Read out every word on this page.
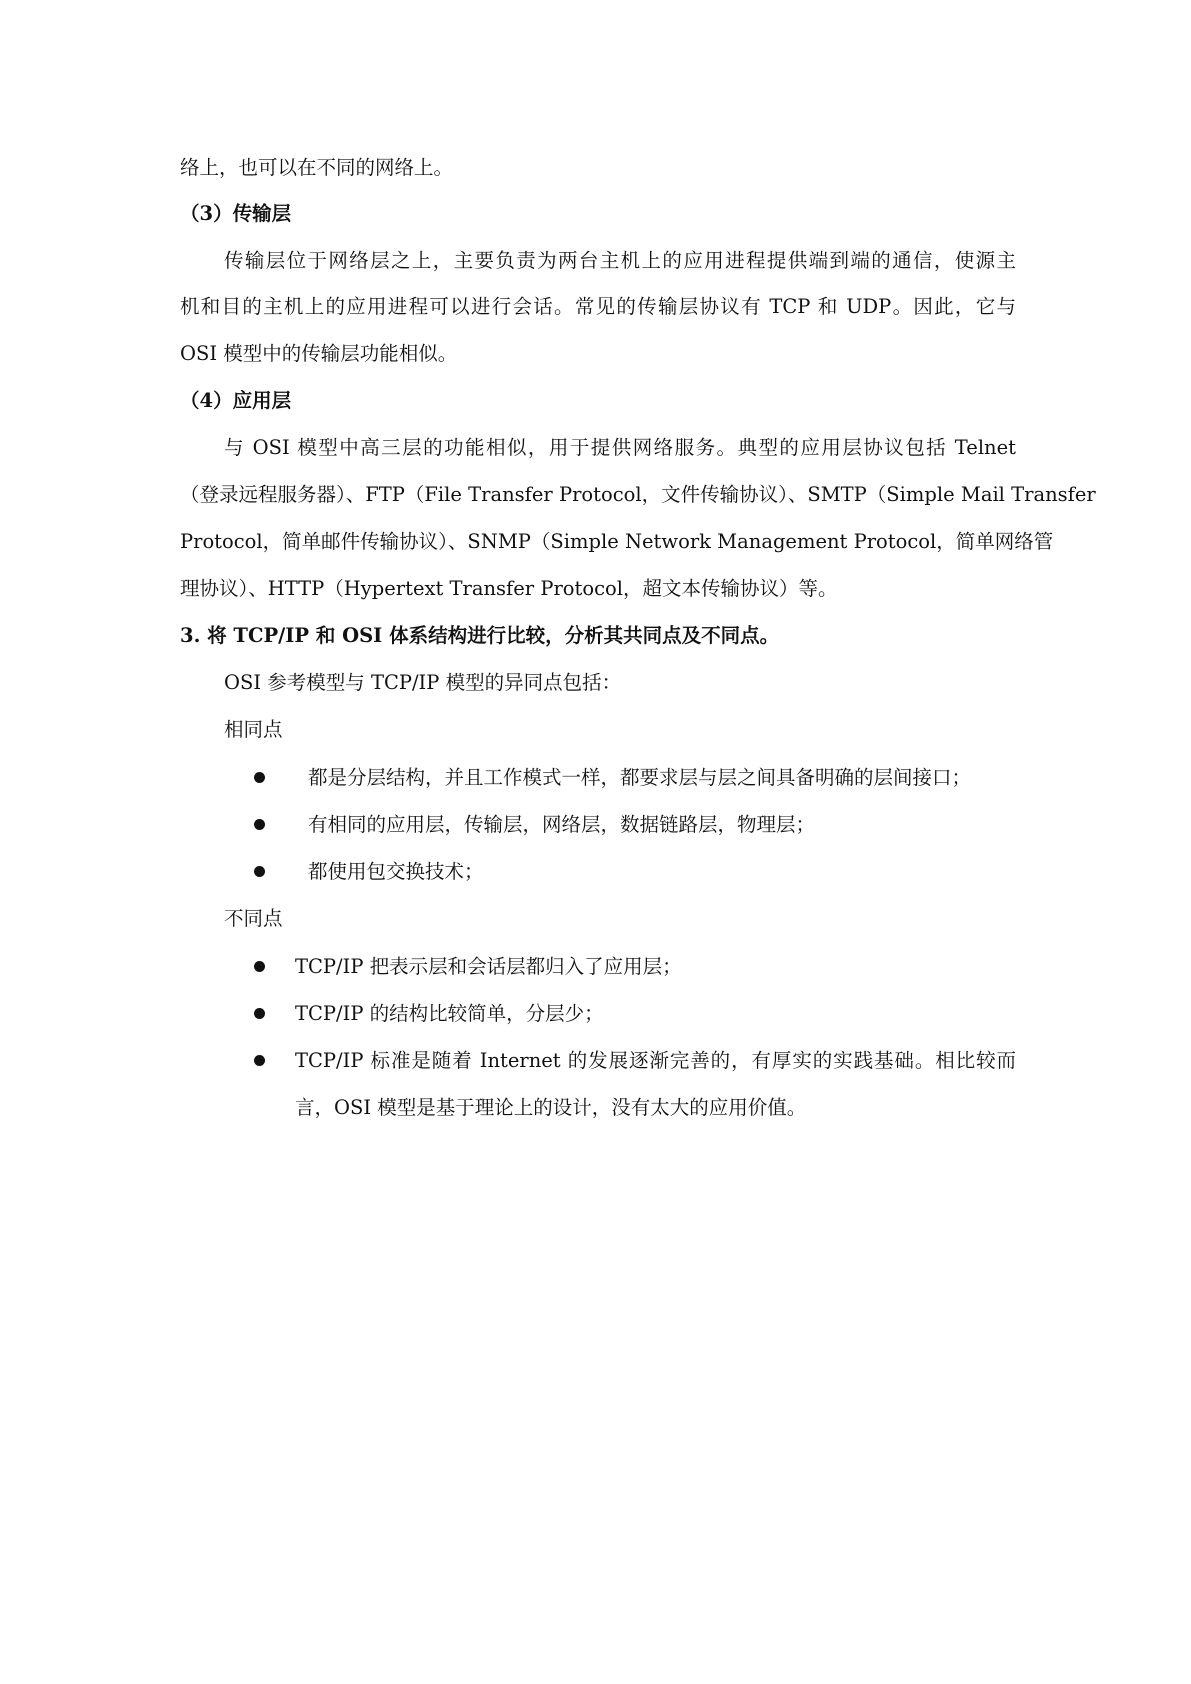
络上，也可以在不同的网络上。
（3）传输层
传输层位于网络层之上，主要负责为两台主机上的应用进程提供端到端的通信，使源主
机和目的主机上的应用进程可以进行会话。常见的传输层协议有 TCP 和 UDP。因此，它与
OSI 模型中的传输层功能相似。
（4）应用层
与 OSI 模型中高三层的功能相似，用于提供网络服务。典型的应用层协议包括 Telnet
（登录远程服务器）、FTP（File Transfer Protocol，文件传输协议）、SMTP（Simple Mail Transfer
Protocol，简单邮件传输协议）、SNMP（Simple Network Management Protocol，简单网络管
理协议）、HTTP（Hypertext Transfer Protocol，超文本传输协议）等。
3. 将 TCP/IP 和 OSI 体系结构进行比较，分析其共同点及不同点。
OSI 参考模型与 TCP/IP 模型的异同点包括：
相同点
都是分层结构，并且工作模式一样，都要求层与层之间具备明确的层间接口；
有相同的应用层，传输层，网络层，数据链路层，物理层；
都使用包交换技术；
不同点
TCP/IP 把表示层和会话层都归入了应用层；
TCP/IP 的结构比较简单，分层少；
TCP/IP 标准是随着 Internet 的发展逐渐完善的，有厚实的实践基础。相比较而
言，OSI 模型是基于理论上的设计，没有太大的应用价值。
